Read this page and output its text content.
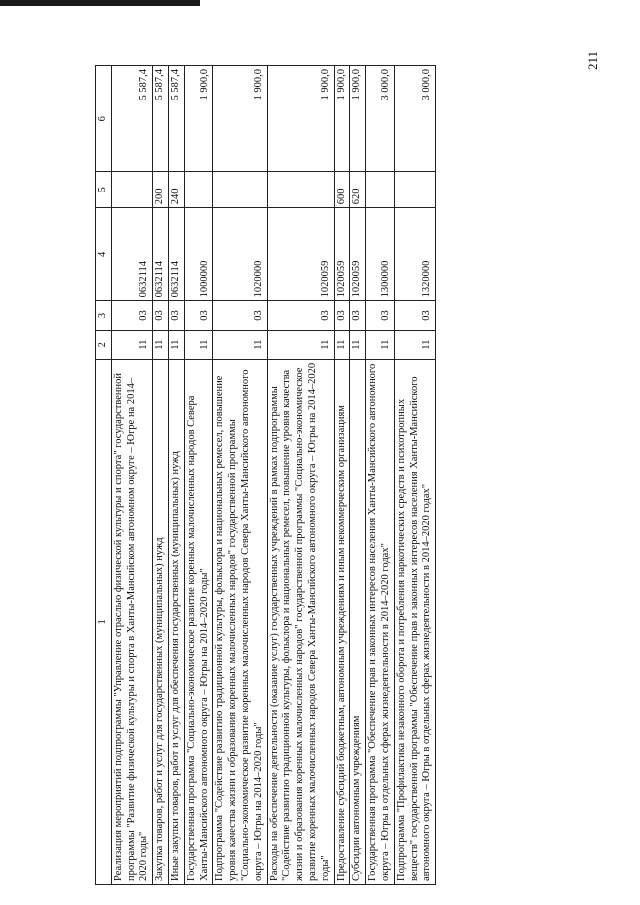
211
1	2	3	4	5	6
Реализация мероприятий подпрограммы "Управление отраслью физической культуры и спорта" государственной программы "Развитие физической культуры и спорта в Ханты-Мансийском автономном округе – Югре на 2014–2020 годы"	11	03	0632114		5 587,4
Закупка товаров, работ и услуг для государственных (муниципальных) нужд	11	03	0632114	200	5 587,4
Иные закупки товаров, работ и услуг для обеспечения государственных (муниципальных) нужд	11	03	0632114	240	5 587,4
Государственная программа "Социально-экономическое развитие коренных малочисленных народов Севера Ханты-Мансийского автономного округа – Югры на 2014–2020 годы"	11	03	1000000		1 900,0
Подпрограмма "Содействие развитию традиционной культуры, фольклора и национальных ремесел, повышение уровня качества жизни и образования коренных малочисленных народов" государственной программы "Социально-экономическое развитие коренных малочисленных народов Севера Ханты-Мансийского автономного округа – Югры на 2014–2020 годы"	11	03	1020000		1 900,0
Расходы на обеспечение деятельности (оказание услуг) государственных учреждений в рамках подпрограммы "Содействие развитию традиционной культуры, фольклора и национальных ремесел, повышение уровня качества жизни и образования коренных малочисленных народов" государственной программы "Социально-экономическое развитие коренных малочисленных народов Севера Ханты-Мансийского автономного округа – Югры на 2014–2020 годы"	11	03	1020059		1 900,0
Предоставление субсидий бюджетным, автономным учреждениям и иным некоммерческим организациям	11	03	1020059	600	1 900,0
Субсидии автономным учреждениям	11	03	1020059	620	1 900,0
Государственная программа "Обеспечение прав и законных интересов населения Ханты-Мансийского автономного округа – Югры в отдельных сферах жизнедеятельности в 2014–2020 годах"	11	03	1300000		3 000,0
Подпрограмма "Профилактика незаконного оборота и потребления наркотических средств и психотропных веществ" государственной программы "Обеспечение прав и законных интересов населения Ханты-Мансийского автономного округа – Югры в отдельных сферах жизнедеятельности в 2014–2020 годах"	11	03	1320000		3 000,0
